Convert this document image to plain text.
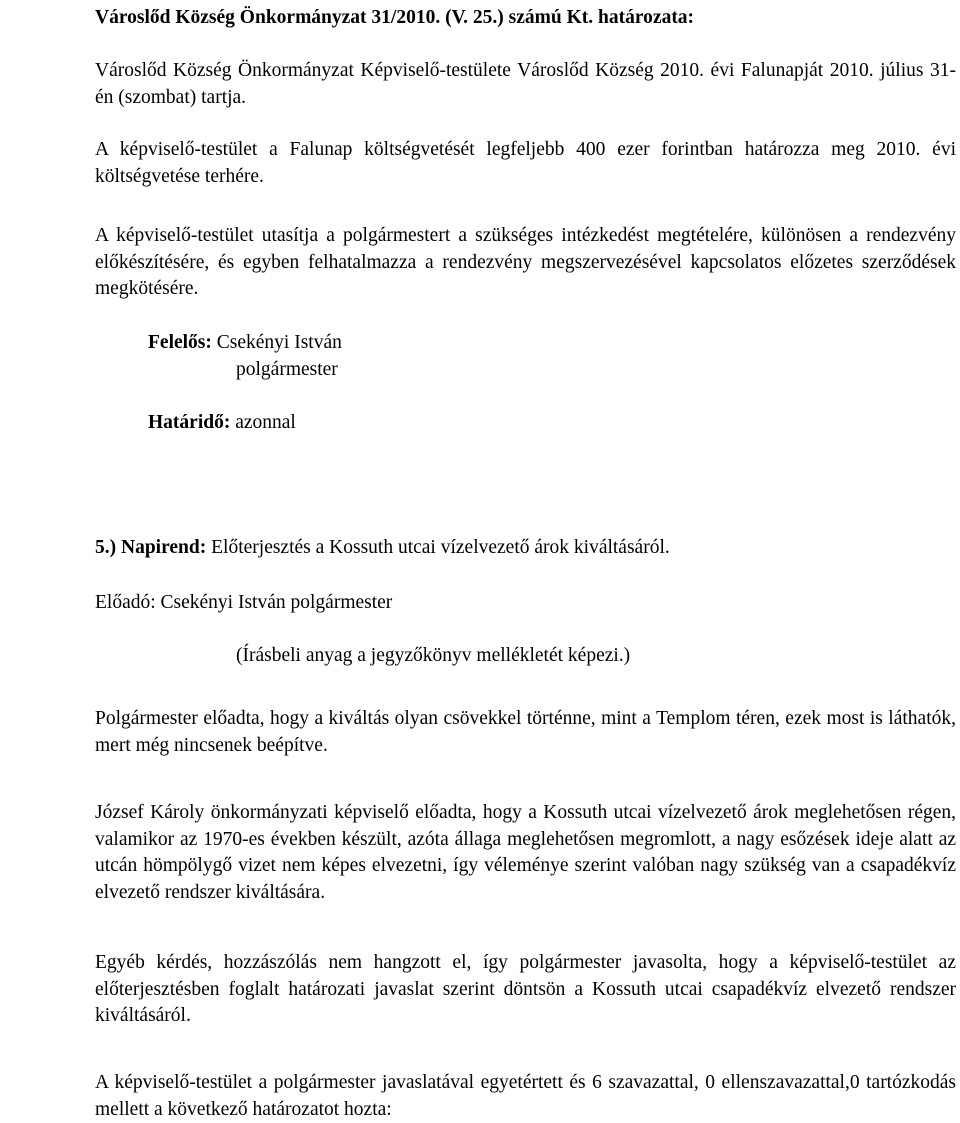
Városlőd Község Önkormányzat 31/2010. (V. 25.) számú Kt. határozata:

Városlőd Község Önkormányzat Képviselő-testülete Városlőd Község 2010. évi Falunapját 2010. július 31-én (szombat) tartja.

A képviselő-testület a Falunap költségvetését legfeljebb 400 ezer forintban határozza meg 2010. évi költségvetése terhére.

A képviselő-testület utasítja a polgármestert a szükséges intézkedést megtételére, különösen a rendezvény előkészítésére, és egyben felhatalmazza a rendezvény megszervezésével kapcsolatos előzetes szerződések megkötésére.

Felelős: Csekényi István

polgármester

Határidő: azonnal

5.) Napirend: Előterjesztés a Kossuth utcai vízelvezető árok kiváltásáról.

Előadó: Csekényi István polgármester

(Írásbeli anyag a jegyzőkönyv mellékletét képezi.)

Polgármester előadta, hogy a kiváltás olyan csövekkel történne, mint a Templom téren, ezek most is láthatók, mert még nincsenek beépítve.

József Károly önkormányzati képviselő előadta, hogy a Kossuth utcai vízelvezető árok meglehetősen régen, valamikor az 1970-es években készült, azóta állaga meglehetősen megromlott, a nagy esőzések ideje alatt az utcán hömpölygő vizet nem képes elvezetni, így véleménye szerint valóban nagy szükség van a csapadékvíz elvezető rendszer kiváltására.

Egyéb kérdés, hozzászólás nem hangzott el, így polgármester javasolta, hogy a képviselő-testület az előterjesztésben foglalt határozati javaslat szerint döntsön a Kossuth utcai csapadékvíz elvezető rendszer kiváltásáról.

A képviselő-testület a polgármester javaslatával egyetértett és 6 szavazattal, 0 ellenszavazattal,0 tartózkodás mellett a következő határozatot hozta:
